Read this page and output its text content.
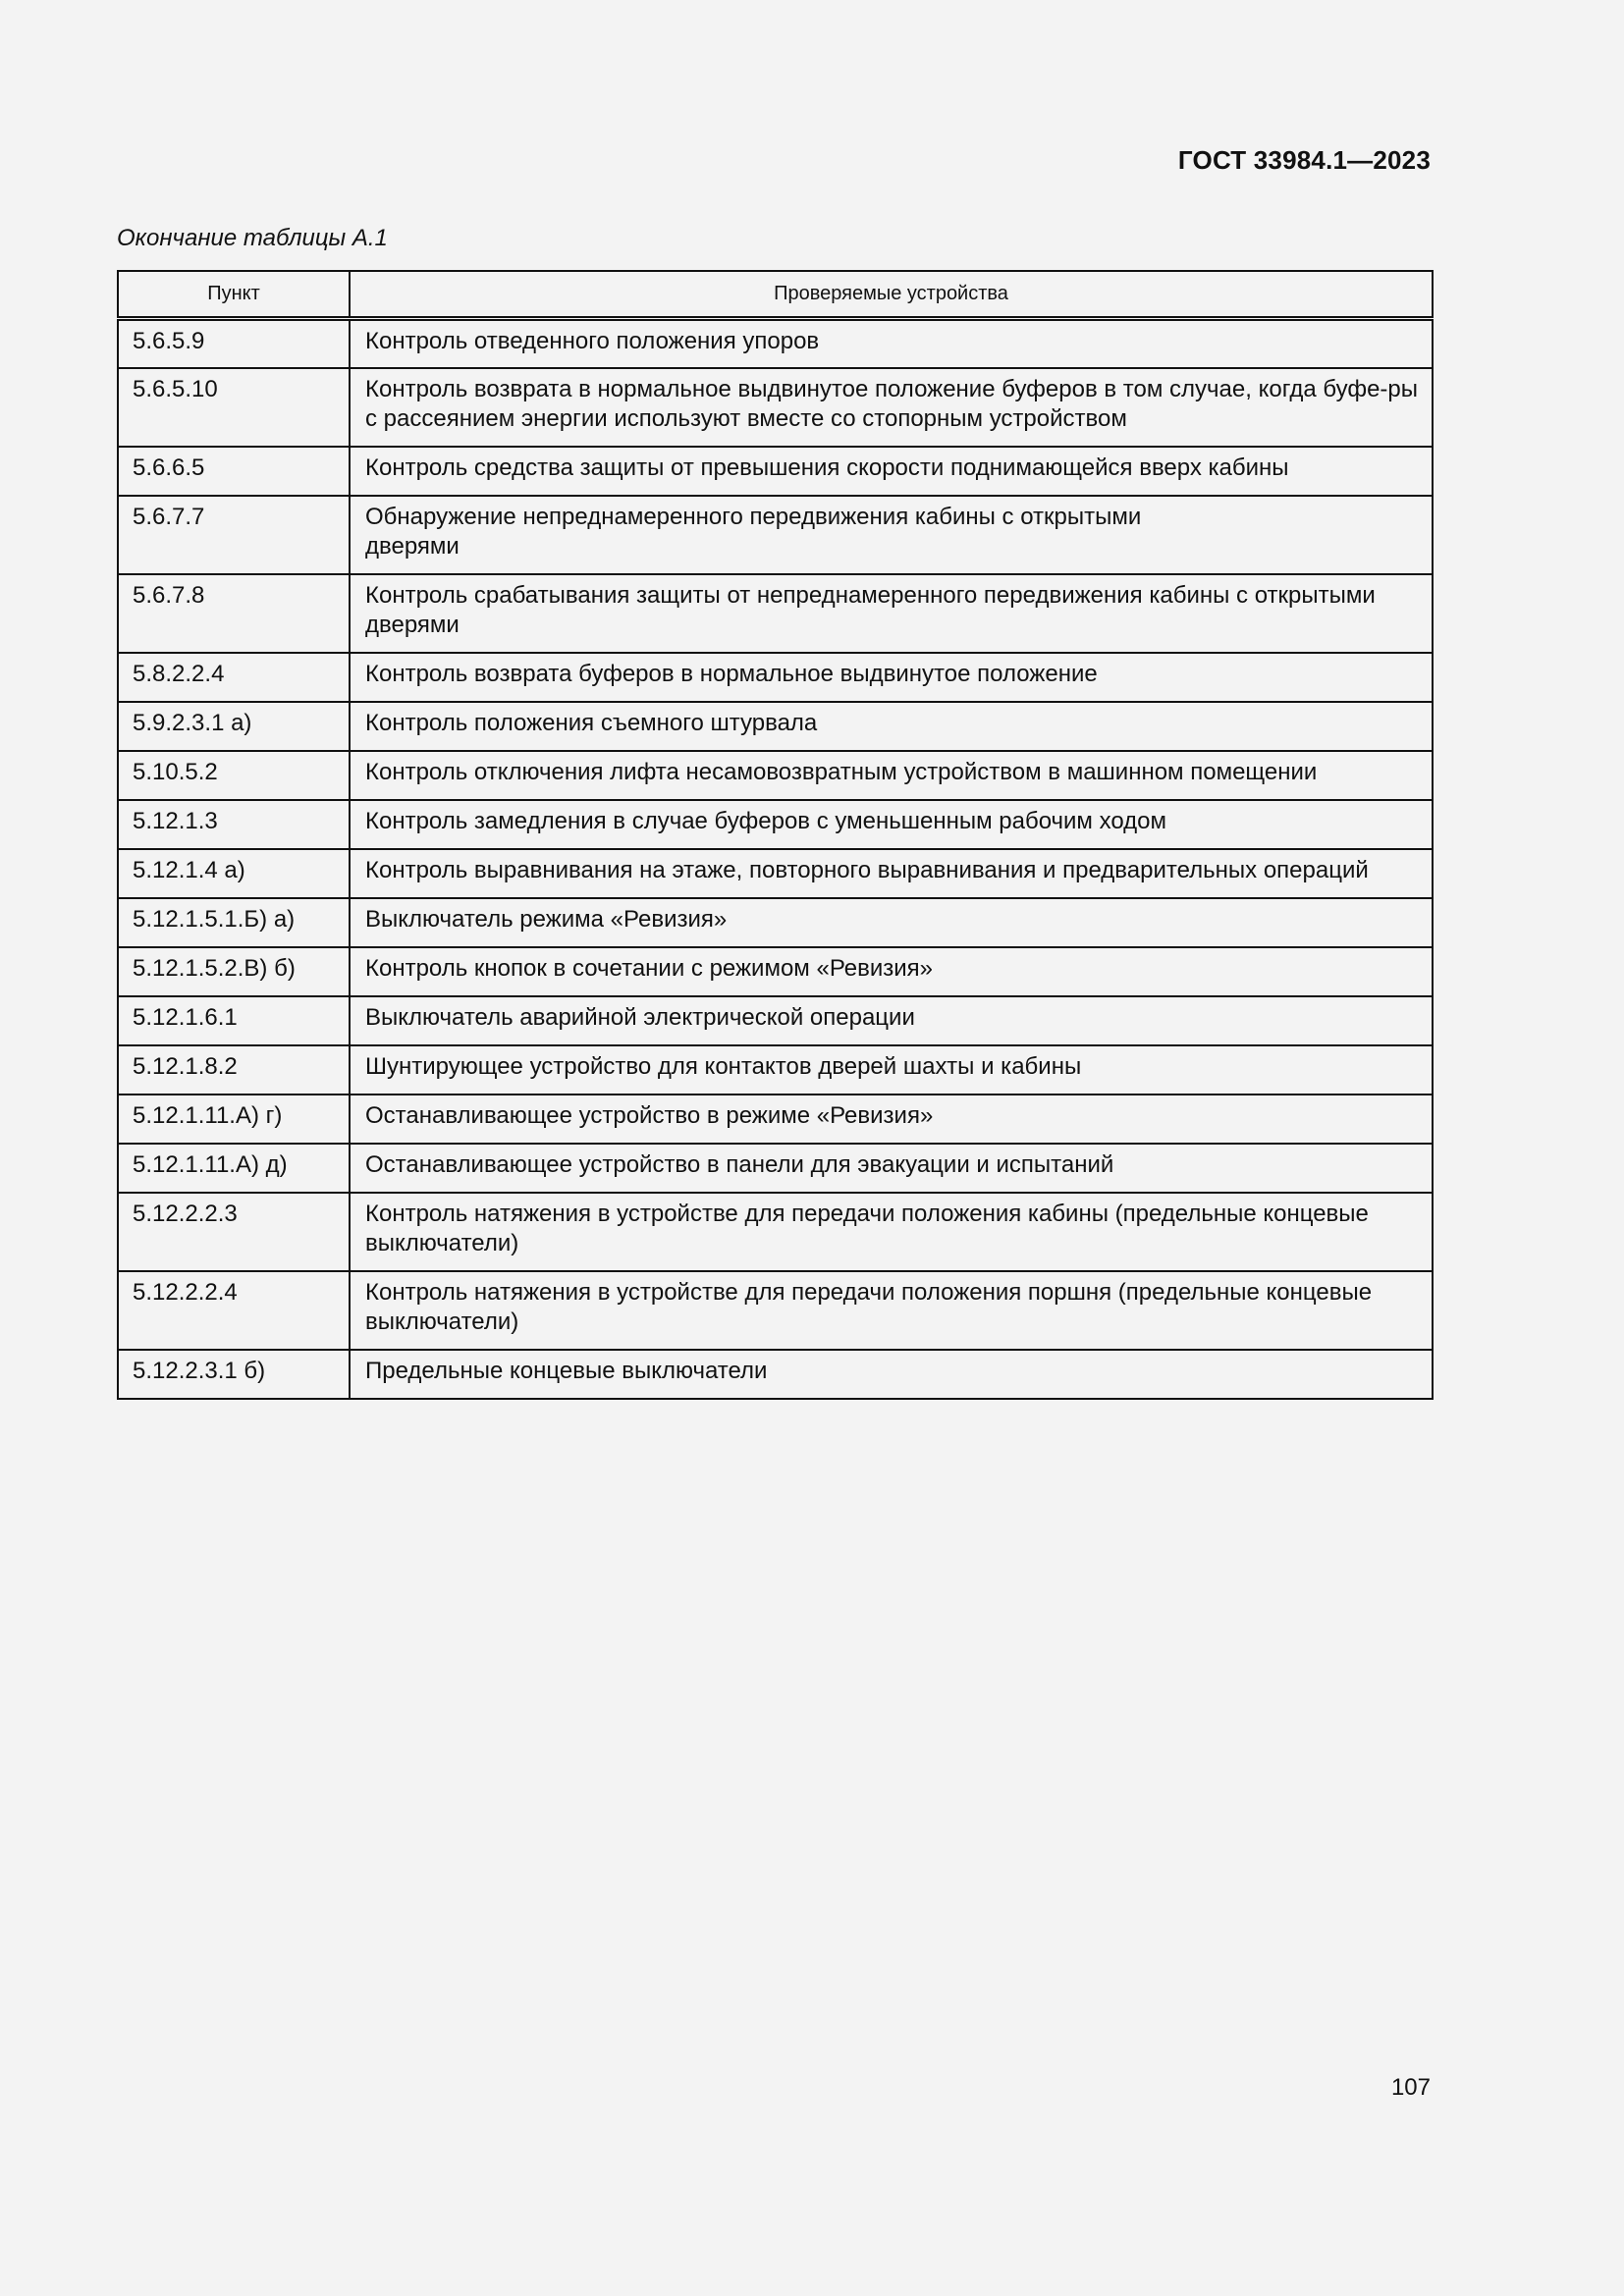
ГОСТ 33984.1—2023
Окончание таблицы А.1
Пункт	Проверяемые устройства
5.6.5.9	Контроль отведенного положения упоров
5.6.5.10	Контроль возврата в нормальное выдвинутое положение буферов в том случае, когда буфе-ры с рассеянием энергии используют вместе со стопорным устройством
5.6.6.5	Контроль средства защиты от превышения скорости поднимающейся вверх кабины
5.6.7.7	Обнаружение непреднамеренного передвижения кабины с открытыми дверями
5.6.7.8	Контроль срабатывания защиты от непреднамеренного передвижения кабины с открытыми дверями
5.8.2.2.4	Контроль возврата буферов в нормальное выдвинутое положение
5.9.2.3.1 а)	Контроль положения съемного штурвала
5.10.5.2	Контроль отключения лифта несамовозвратным устройством в машинном помещении
5.12.1.3	Контроль замедления в случае буферов с уменьшенным рабочим ходом
5.12.1.4 а)	Контроль выравнивания на этаже, повторного выравнивания и предварительных операций
5.12.1.5.1.Б) а)	Выключатель режима «Ревизия»
5.12.1.5.2.В) б)	Контроль кнопок в сочетании с режимом «Ревизия»
5.12.1.6.1	Выключатель аварийной электрической операции
5.12.1.8.2	Шунтирующее устройство для контактов дверей шахты и кабины
5.12.1.11.А) г)	Останавливающее устройство в режиме «Ревизия»
5.12.1.11.А) д)	Останавливающее устройство в панели для эвакуации и испытаний
5.12.2.2.3	Контроль натяжения в устройстве для передачи положения кабины (предельные концевые выключатели)
5.12.2.2.4	Контроль натяжения в устройстве для передачи положения поршня (предельные концевые выключатели)
5.12.2.3.1 б)	Предельные концевые выключатели
107
